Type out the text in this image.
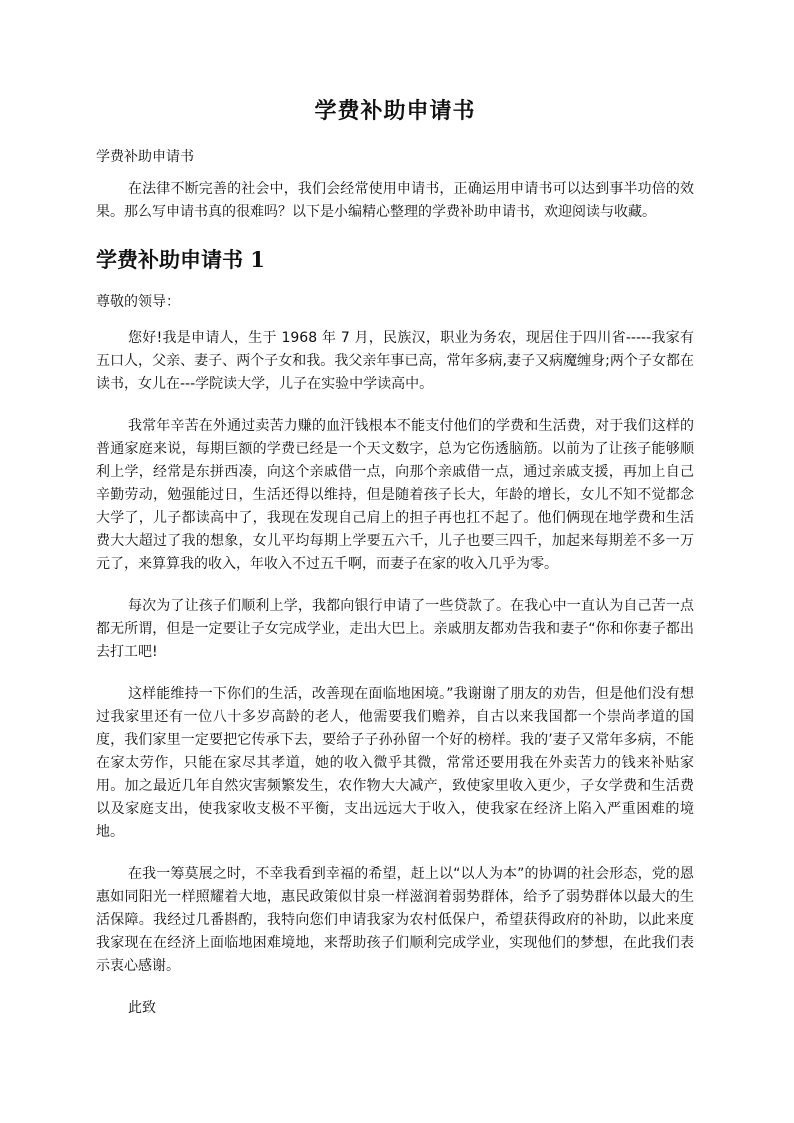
学费补助申请书

学费补助申请书

在法律不断完善的社会中，我们会经常使用申请书，正确运用申请书可以达到事半功倍的效果。那么写申请书真的很难吗？以下是小编精心整理的学费补助申请书，欢迎阅读与收藏。

学费补助申请书 1

尊敬的领导：

您好!我是申请人，生于 1968 年 7 月，民族汉，职业为务农，现居住于四川省-----我家有五口人，父亲、妻子、两个子女和我。我父亲年事已高，常年多病,妻子又病魔缠身;两个子女都在读书，女儿在---学院读大学，儿子在实验中学读高中。

我常年辛苦在外通过卖苦力赚的血汗钱根本不能支付他们的学费和生活费，对于我们这样的普通家庭来说，每期巨额的学费已经是一个天文数字，总为它伤透脑筋。以前为了让孩子能够顺利上学，经常是东拼西凑，向这个亲戚借一点，向那个亲戚借一点，通过亲戚支援，再加上自己辛勤劳动，勉强能过日，生活还得以维持，但是随着孩子长大，年龄的增长，女儿不知不觉都念大学了，儿子都读高中了，我现在发现自己肩上的担子再也扛不起了。他们俩现在地学费和生活费大大超过了我的想象，女儿平均每期上学要五六千，儿子也要三四千，加起来每期差不多一万元了，来算算我的收入，年收入不过五千啊，而妻子在家的收入几乎为零。

每次为了让孩子们顺利上学，我都向银行申请了一些贷款了。在我心中一直认为自己苦一点都无所谓，但是一定要让子女完成学业，走出大巴上。亲戚朋友都劝告我和妻子“你和你妻子都出去打工吧!

这样能维持一下你们的生活，改善现在面临地困境。”我谢谢了朋友的劝告，但是他们没有想过我家里还有一位八十多岁高龄的老人，他需要我们赡养，自古以来我国都一个崇尚孝道的国度，我们家里一定要把它传承下去，要给子子孙孙留一个好的榜样。我的’妻子又常年多病，不能在家太劳作，只能在家尽其孝道，她的收入微乎其微，常常还要用我在外卖苦力的钱来补贴家用。加之最近几年自然灾害频繁发生，农作物大大减产，致使家里收入更少，子女学费和生活费以及家庭支出，使我家收支极不平衡，支出远远大于收入，使我家在经济上陷入严重困难的境地。

在我一筹莫展之时，不幸我看到幸福的希望，赶上以“以人为本”的协调的社会形态，党的恩惠如同阳光一样照耀着大地，惠民政策似甘泉一样滋润着弱势群体，给予了弱势群体以最大的生活保障。我经过几番斟酌，我特向您们申请我家为农村低保户，希望获得政府的补助，以此来度我家现在在经济上面临地困难境地，来帮助孩子们顺利完成学业，实现他们的梦想，在此我们表示衷心感谢。

此致
